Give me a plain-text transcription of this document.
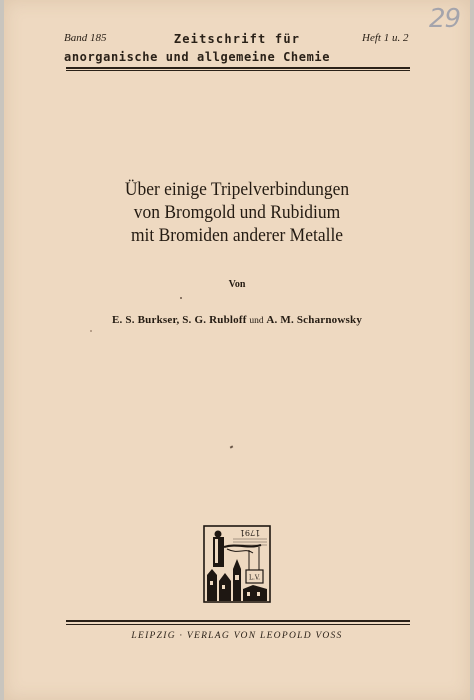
29
Band 185	Zeitschrift für	Heft 1 u. 2
anorganische und allgemeine Chemie
Über einige Tripelverbindungen
von Bromgold und Rubidium
mit Bromiden anderer Metalle
Von
E. S. Burkser, S. G. Rubloff und A. M. Scharnowsky
1791
L.V.
LEIPZIG · VERLAG VON LEOPOLD VOSS
